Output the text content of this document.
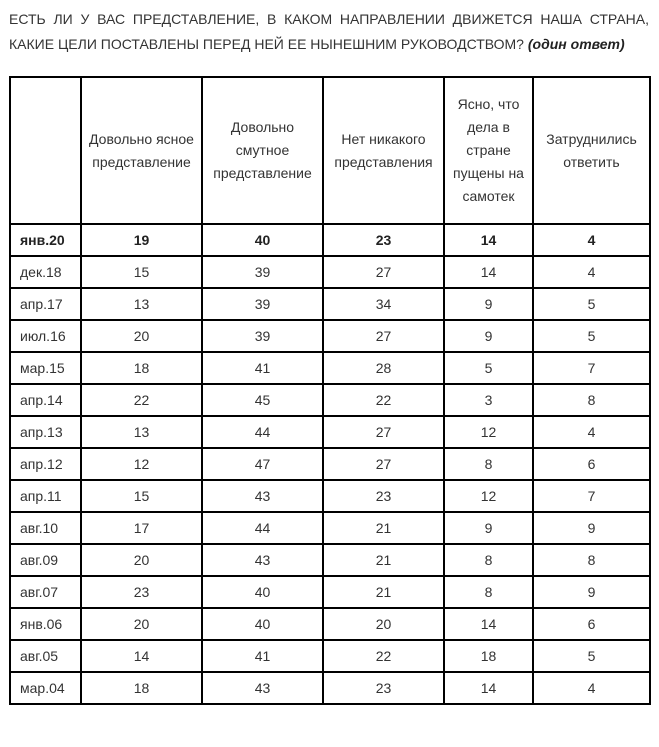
ЕСТЬ ЛИ У ВАС ПРЕДСТАВЛЕНИЕ, В КАКОМ НАПРАВЛЕНИИ ДВИЖЕТСЯ НАША СТРАНА,
КАКИЕ ЦЕЛИ ПОСТАВЛЕНЫ ПЕРЕД НЕЙ ЕЕ НЫНЕШНИМ РУКОВОДСТВОМ? (один ответ)
	Довольно ясное представление	Довольно смутное представление	Нет никакого представления	Ясно, что дела в стране пущены на самотек	Затруднились ответить
янв.20	19	40	23	14	4
дек.18	15	39	27	14	4
апр.17	13	39	34	9	5
июл.16	20	39	27	9	5
мар.15	18	41	28	5	7
апр.14	22	45	22	3	8
апр.13	13	44	27	12	4
апр.12	12	47	27	8	6
апр.11	15	43	23	12	7
авг.10	17	44	21	9	9
авг.09	20	43	21	8	8
авг.07	23	40	21	8	9
янв.06	20	40	20	14	6
авг.05	14	41	22	18	5
мар.04	18	43	23	14	4
